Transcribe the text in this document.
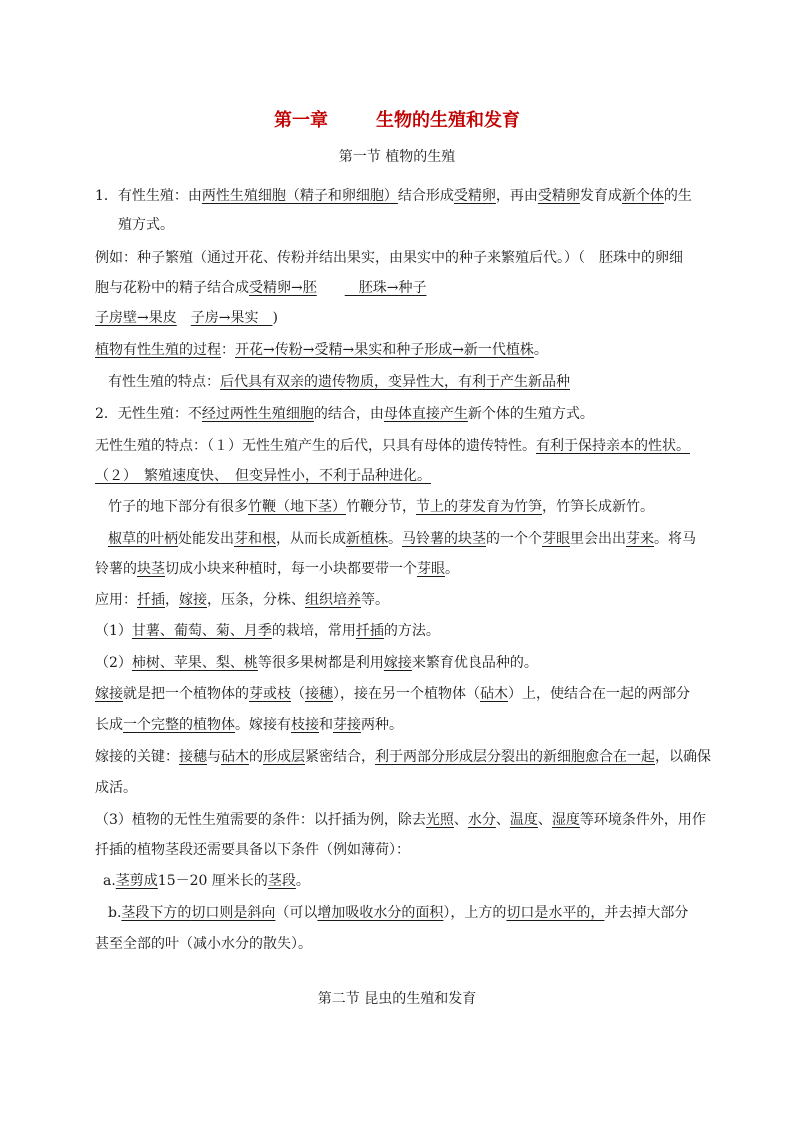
第一章	生物的生殖和发育
第一节 植物的生殖
1．有性生殖：由两性生殖细胞（精子和卵细胞）结合形成受精卵，再由受精卵发育成新个体的生
殖方式。
例如：种子繁殖（通过开花、传粉并结出果实，由果实中的种子来繁殖后代。）（　胚珠中的卵细
胞与花粉中的精子结合成受精卵→胚　　　胚珠→种子
子房壁→果皮　 子房→果实　)
植物有性生殖的过程：开花→传粉→受精→果实和种子形成→新一代植株。
有性生殖的特点：后代具有双亲的遗传物质，变异性大，有利于产生新品种
2．无性生殖：不经过两性生殖细胞的结合，由母体直接产生新个体的生殖方式。
无性生殖的特点：（１）无性生殖产生的后代，只具有母体的遗传特性。有利于保持亲本的性状。
（２）　繁殖速度快、　但变异性小，不利于品种进化。
竹子的地下部分有很多竹鞭（地下茎）竹鞭分节，节上的芽发育为竹笋，竹笋长成新竹。
椒草的叶柄处能发出芽和根，从而长成新植株。马铃薯的块茎的一个个芽眼里会出出芽来。将马
铃薯的块茎切成小块来种植时，每一小块都要带一个芽眼。
应用：扦插，嫁接，压条，分株、组织培养等。
（1）甘薯、葡萄、菊、月季的栽培，常用扦插的方法。
（2）柿树、苹果、梨、桃等很多果树都是利用嫁接来繁育优良品种的。
嫁接就是把一个植物体的芽或枝（接穗），接在另一个植物体（砧木）上，使结合在一起的两部分
长成一个完整的植物体。嫁接有枝接和芽接两种。
嫁接的关键：接穗与砧木的形成层紧密结合，利于两部分形成层分裂出的新细胞愈合在一起，以确保
成活。
（3）植物的无性生殖需要的条件：以扦插为例，除去光照、水分、温度、湿度等环境条件外，用作
扦插的植物茎段还需要具备以下条件（例如薄荷）：
a.茎剪成15－20 厘米长的茎段。
b.茎段下方的切口则是斜向（可以增加吸收水分的面积），上方的切口是水平的，并去掉大部分
甚至全部的叶（减小水分的散失）。
第二节 昆虫的生殖和发育
